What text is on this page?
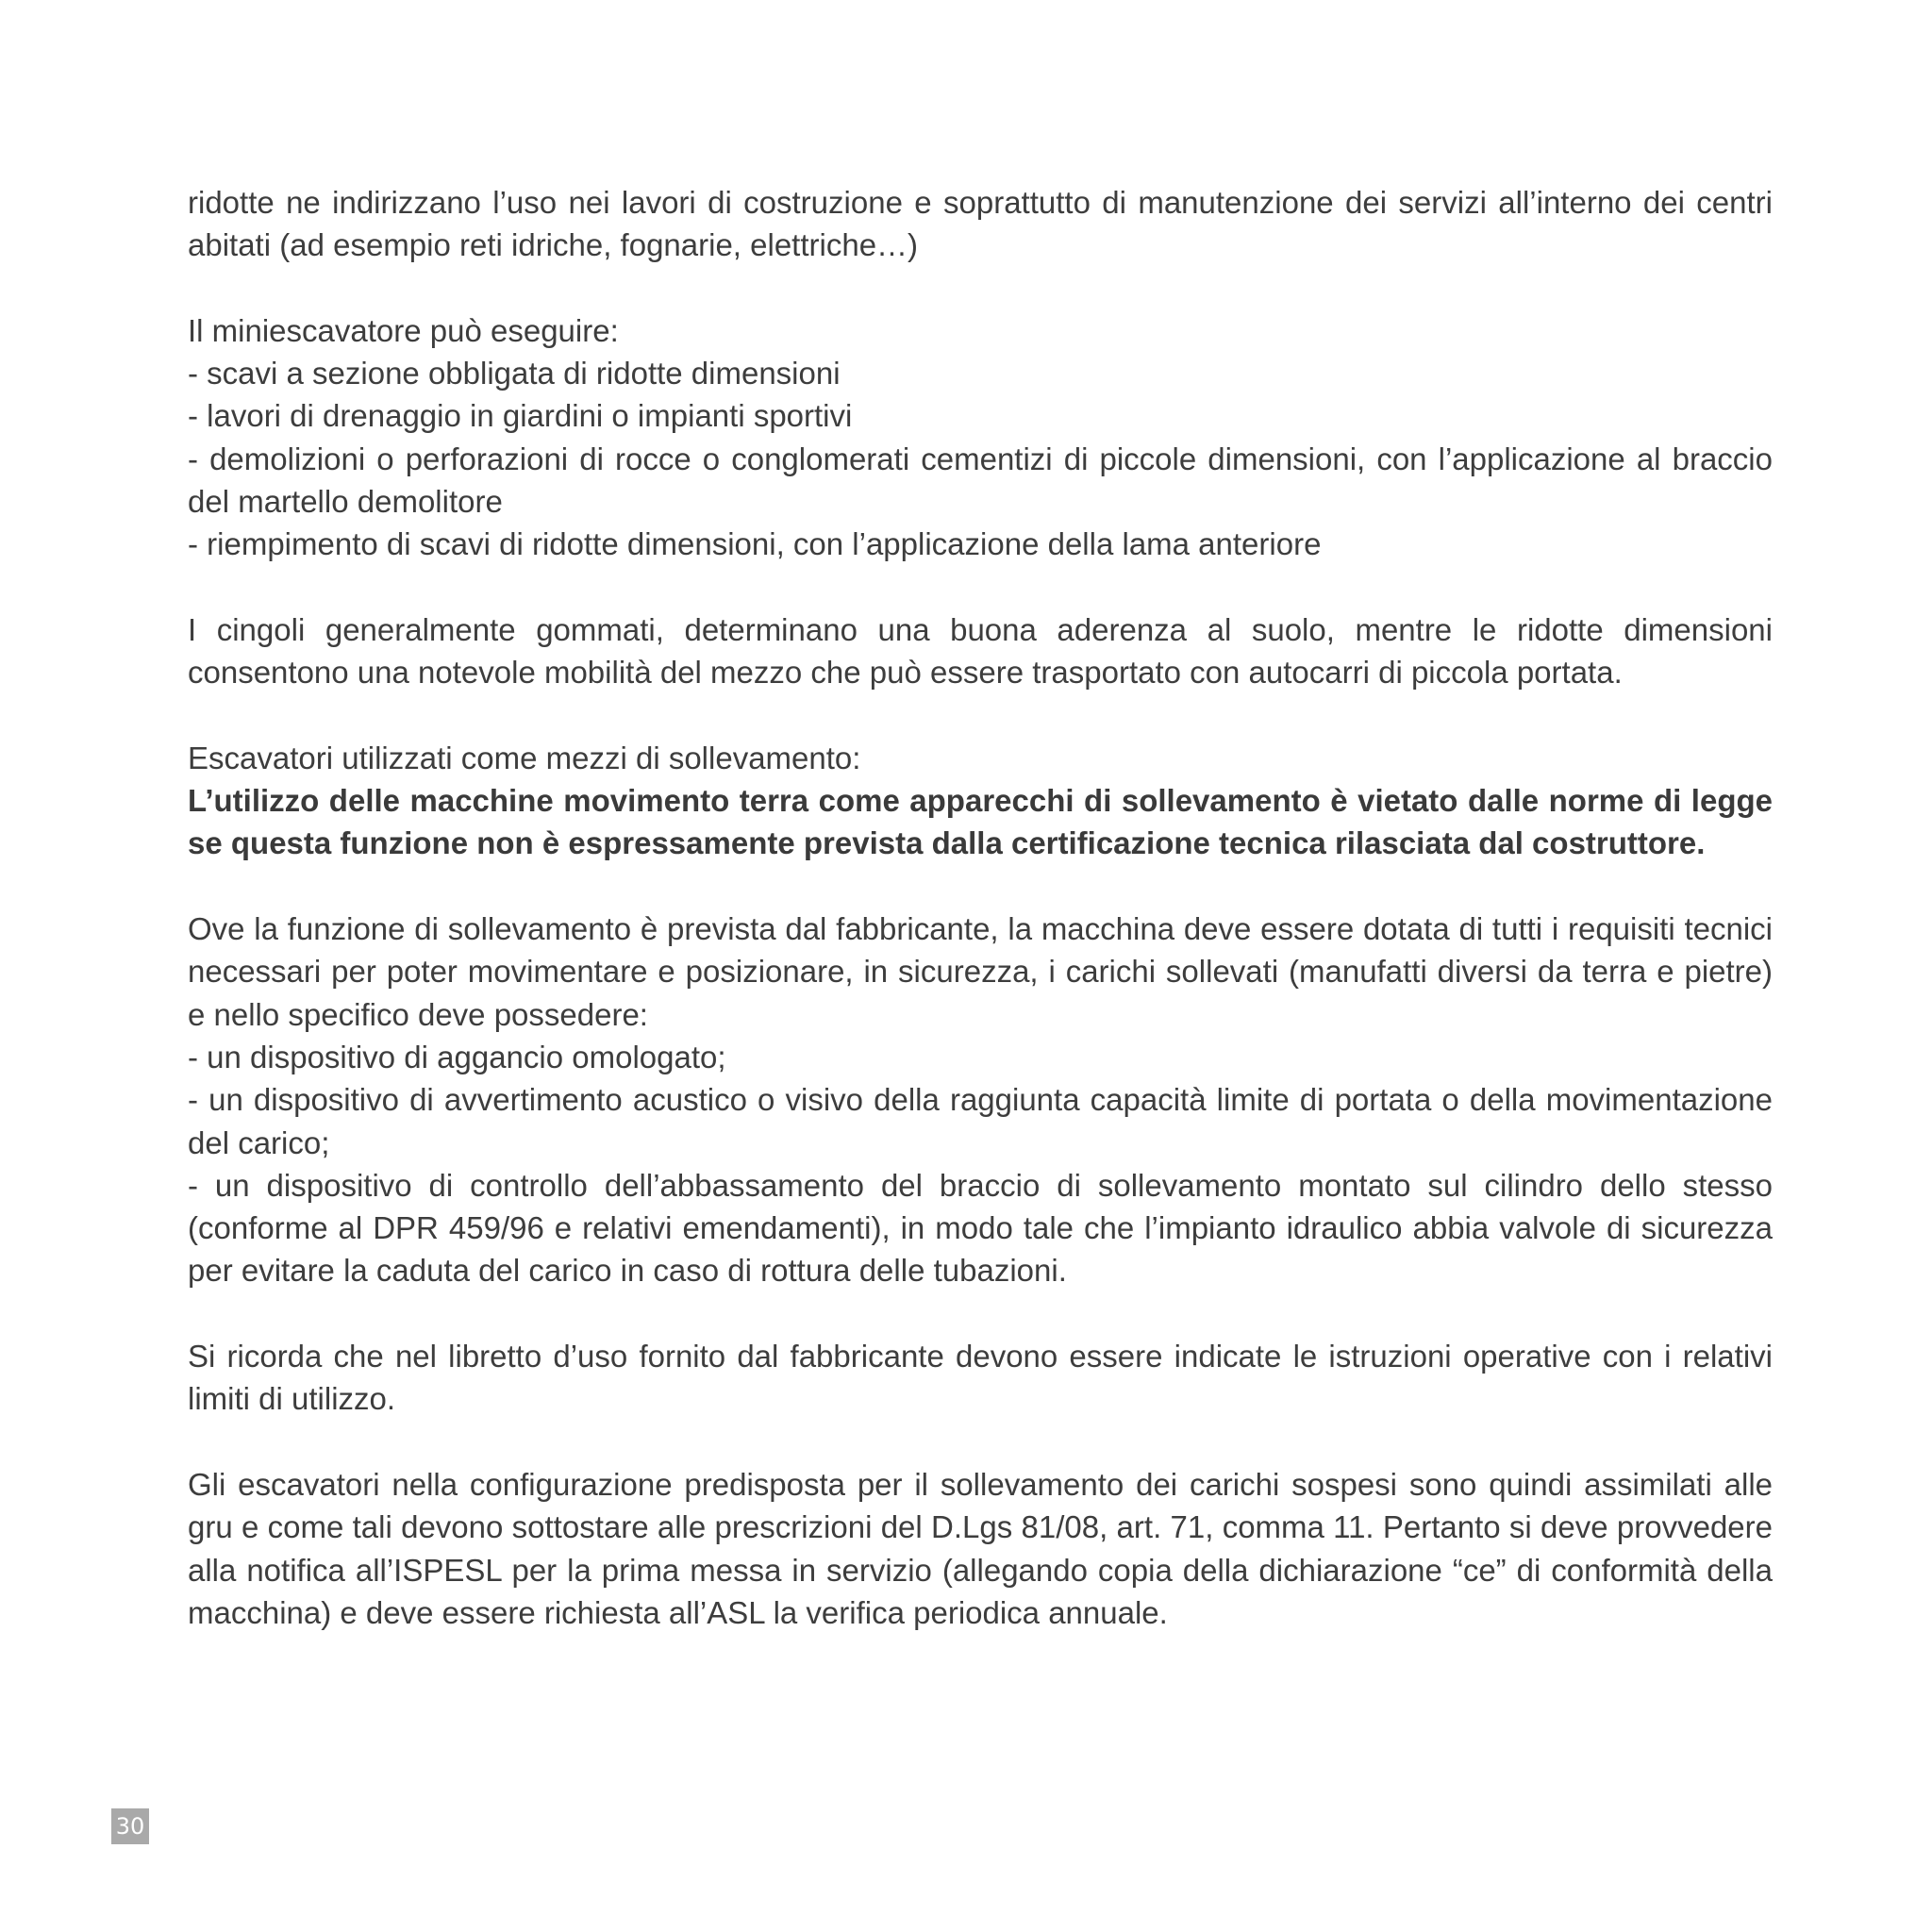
ridotte ne indirizzano l’uso nei lavori di costruzione e soprattutto di manutenzione dei servizi all’interno dei centri abitati (ad esempio reti idriche, fognarie, elettriche…)

Il miniescavatore può eseguire:
- scavi a sezione obbligata di ridotte dimensioni
- lavori di drenaggio in giardini o impianti sportivi
- demolizioni o perforazioni di rocce o conglomerati cementizi di piccole dimensioni, con l’applicazione al braccio del martello demolitore
- riempimento di scavi di ridotte dimensioni, con l’applicazione della lama anteriore

I cingoli generalmente gommati, determinano una buona aderenza al suolo, mentre le ridotte dimensioni consentono una notevole mobilità del mezzo che può essere trasportato con autocarri di piccola portata.

Escavatori utilizzati come mezzi di sollevamento:
L’utilizzo delle macchine movimento terra come apparecchi di sollevamento è vietato dalle norme di legge se questa funzione non è espressamente prevista dalla certificazione tecnica rilasciata dal costruttore.

Ove la funzione di sollevamento è prevista dal fabbricante, la macchina deve essere dotata di tutti i requisiti tecnici necessari per poter movimentare e posizionare, in sicurezza, i carichi sollevati (manufatti diversi da terra e pietre) e nello specifico deve possedere:
- un dispositivo di aggancio omologato;
- un dispositivo di avvertimento acustico o visivo della raggiunta capacità limite di portata o della movimentazione del carico;
- un dispositivo di controllo dell’abbassamento del braccio di sollevamento montato sul cilindro dello stesso (conforme al DPR 459/96 e relativi emendamenti), in modo tale che l’impianto idraulico abbia valvole di sicurezza per evitare la caduta del carico in caso di rottura delle tubazioni.

Si ricorda che nel libretto d’uso fornito dal fabbricante devono essere indicate le istruzioni operative con i relativi limiti di utilizzo.

Gli escavatori nella configurazione predisposta per il sollevamento dei carichi sospesi sono quindi assimilati alle gru e come tali devono sottostare alle prescrizioni del D.Lgs 81/08, art. 71, comma 11. Pertanto si deve provvedere alla notifica all’ISPESL per la prima messa in servizio (allegando copia della dichiarazione “ce” di conformità della macchina) e deve essere richiesta all’ASL la verifica periodica annuale.

30
